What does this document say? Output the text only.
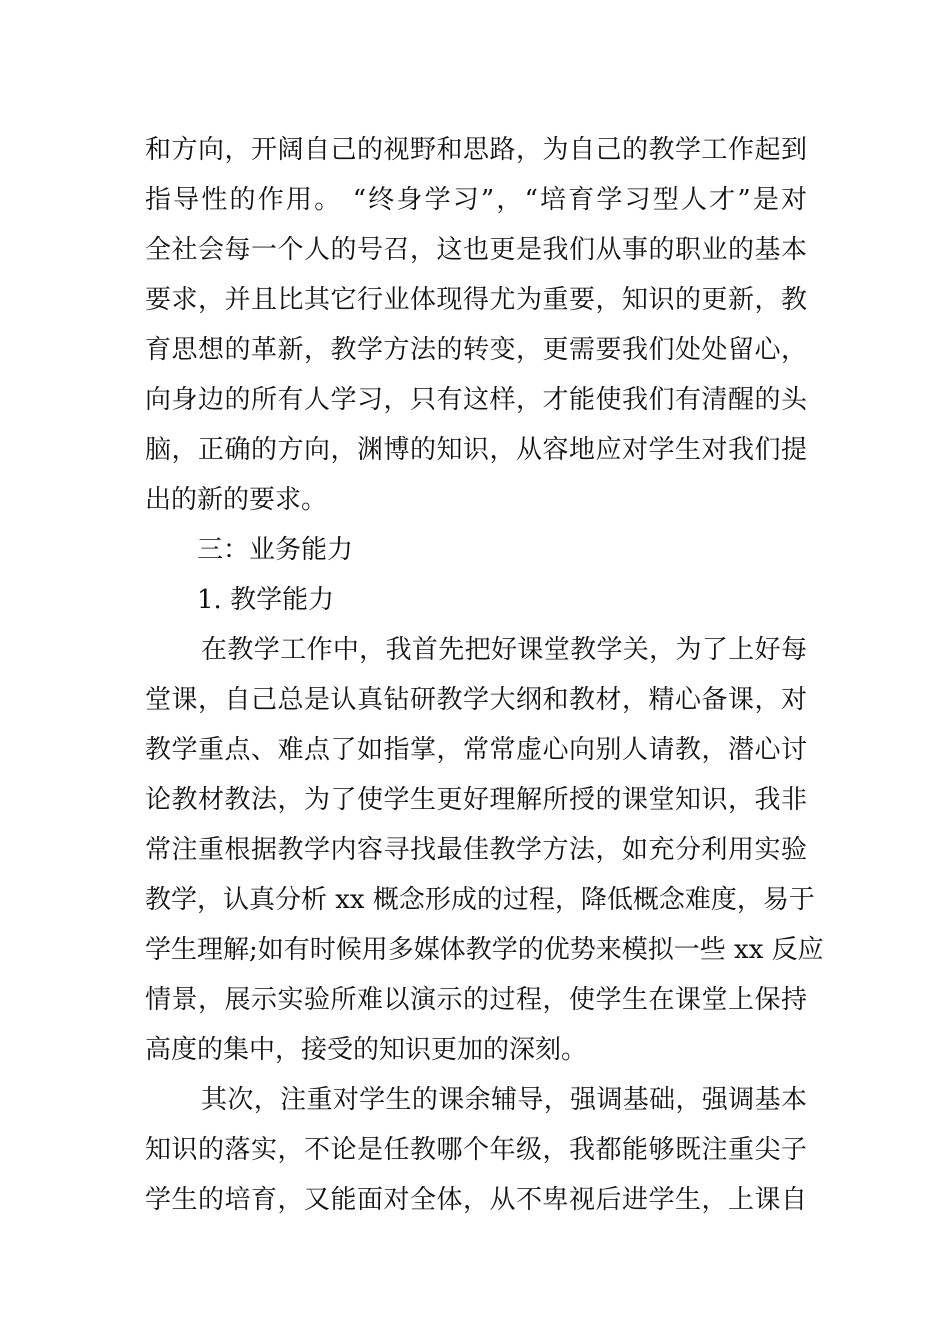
和方向，开阔自己的视野和思路，为自己的教学工作起到
指导性的作用。 “终身学习”，“培育学习型人才”是对
全社会每一个人的号召，这也更是我们从事的职业的基本
要求，并且比其它行业体现得尤为重要，知识的更新，教
育思想的革新，教学方法的转变，更需要我们处处留心，
向身边的所有人学习，只有这样，才能使我们有清醒的头
脑，正确的方向，渊博的知识，从容地应对学生对我们提
出的新的要求。
三：业务能力
1. 教学能力
在教学工作中，我首先把好课堂教学关，为了上好每
堂课，自己总是认真钻研教学大纲和教材，精心备课，对
教学重点、难点了如指掌，常常虚心向别人请教，潜心讨
论教材教法，为了使学生更好理解所授的课堂知识，我非
常注重根据教学内容寻找最佳教学方法，如充分利用实验
教学，认真分析 xx 概念形成的过程，降低概念难度，易于
学生理解;如有时候用多媒体教学的优势来模拟一些 xx 反应
情景，展示实验所难以演示的过程，使学生在课堂上保持
高度的集中，接受的知识更加的深刻。
其次，注重对学生的课余辅导，强调基础，强调基本
知识的落实，不论是任教哪个年级，我都能够既注重尖子
学生的培育，又能面对全体，从不卑视后进学生，上课自
